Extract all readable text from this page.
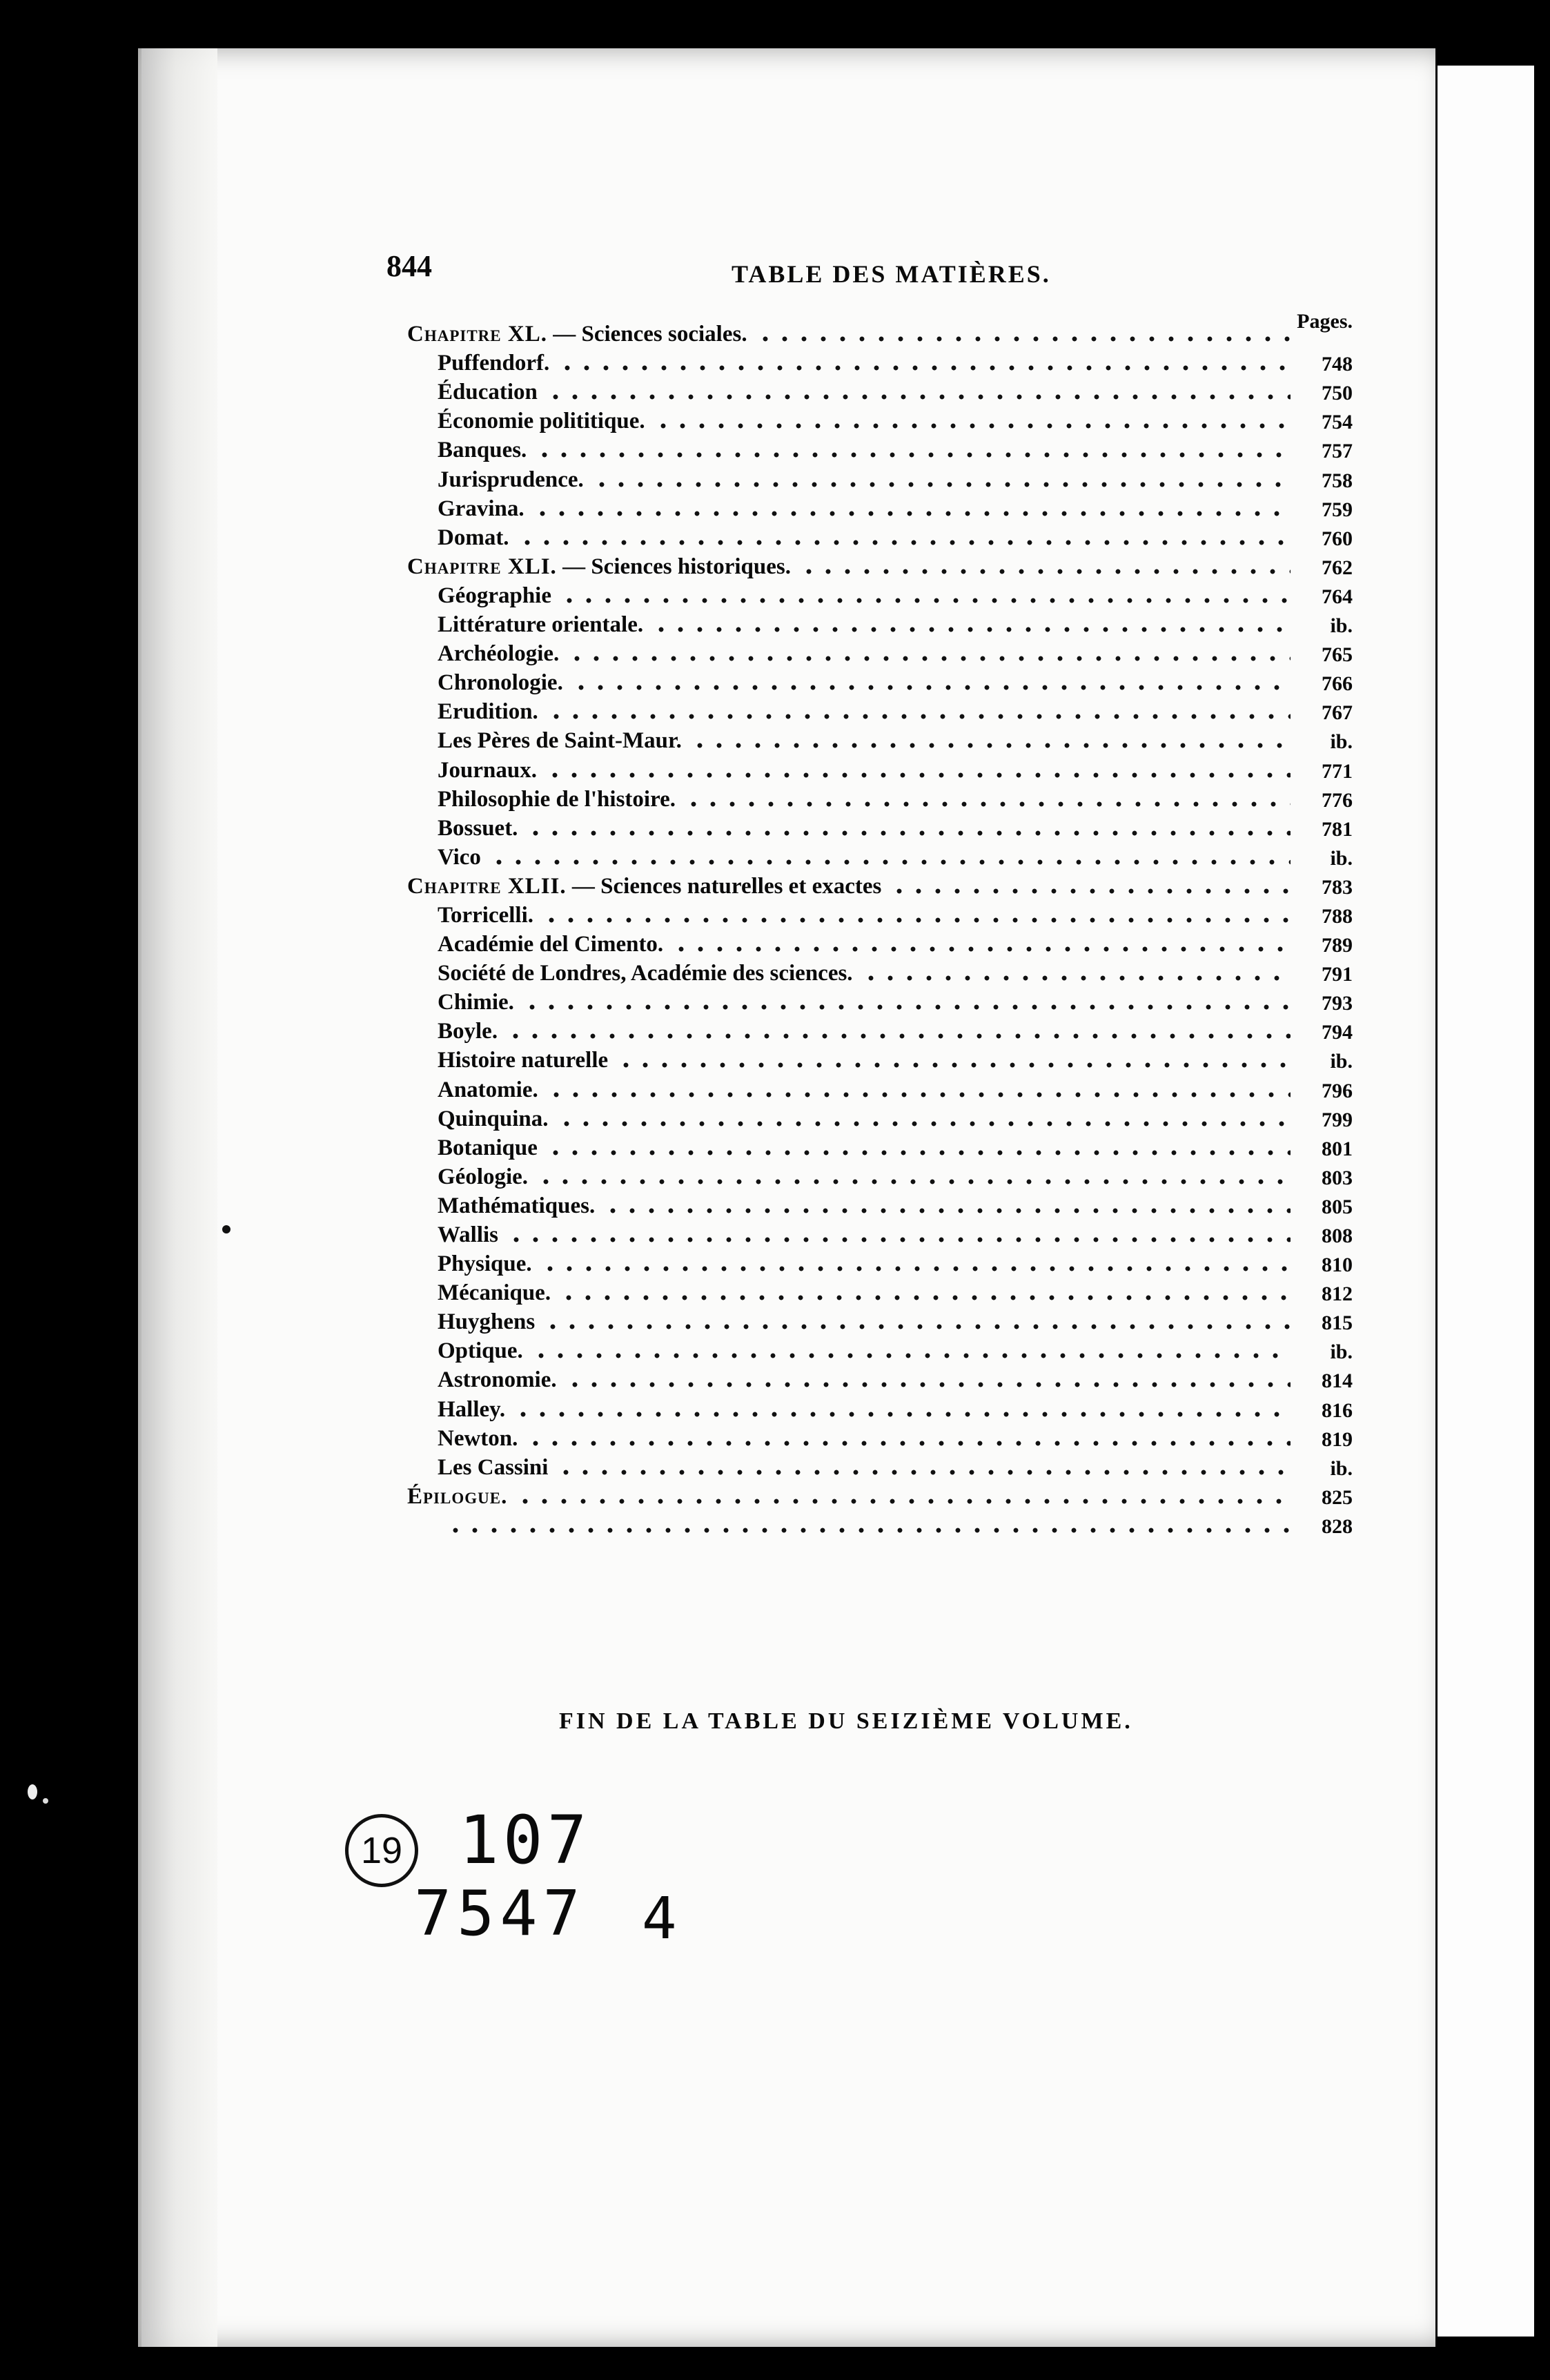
844	TABLE DES MATIÈRES.
Pages.
Chapitre XL. — Sciences sociales.
Puffendorf.	748
Éducation	750
Économie polititique.	754
Banques.	757
Jurisprudence.	758
Gravina.	759
Domat.	760
Chapitre XLI. — Sciences historiques.	762
Géographie	764
Littérature orientale.	ib.
Archéologie.	765
Chronologie.	766
Erudition.	767
Les Pères de Saint-Maur.	ib.
Journaux.	771
Philosophie de l'histoire.	776
Bossuet.	781
Vico	ib.
Chapitre XLII. — Sciences naturelles et exactes	783
Torricelli.	788
Académie del Cimento.	789
Société de Londres, Académie des sciences.	791
Chimie.	793
Boyle.	794
Histoire naturelle	ib.
Anatomie.	796
Quinquina.	799
Botanique	801
Géologie.	803
Mathématiques.	805
Wallis	808
Physique.	810
Mécanique.	812
Huyghens	815
Optique.	ib.
Astronomie.	814
Halley.	816
Newton.	819
Les Cassini	ib.
Épilogue.	825
828
FIN DE LA TABLE DU SEIZIÈME VOLUME.
19 107
7547 4
